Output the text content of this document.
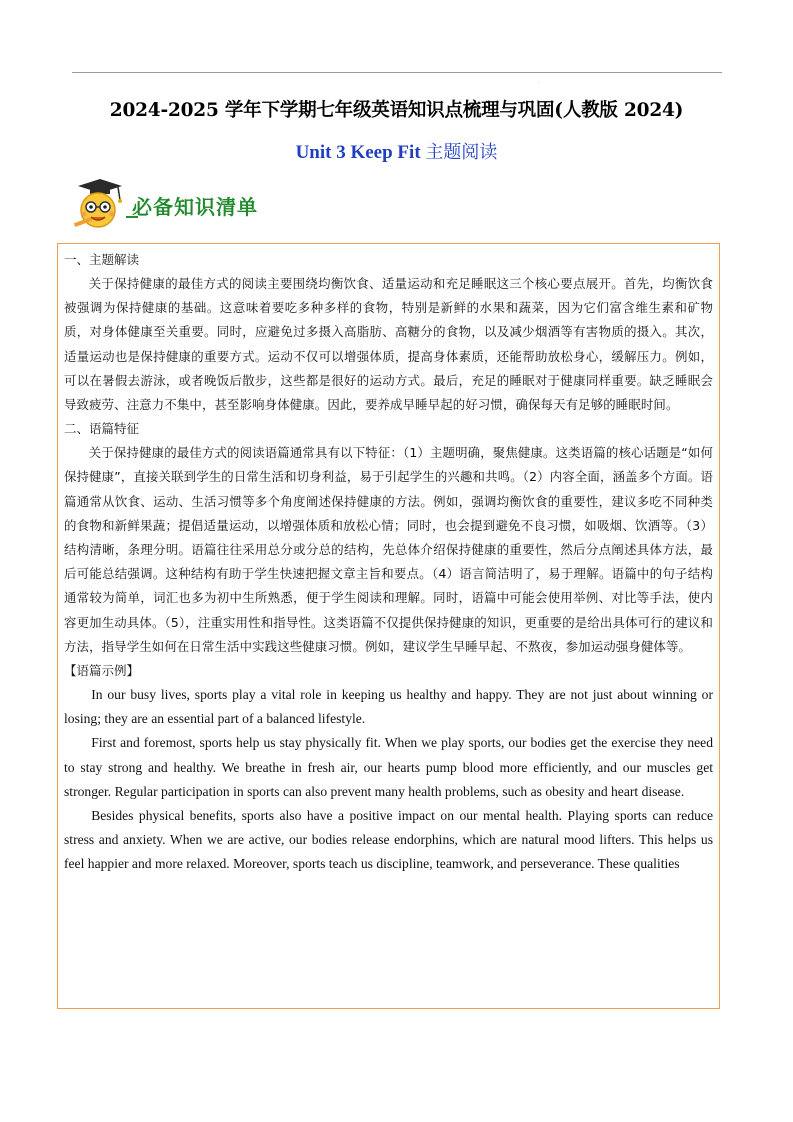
·
2024-2025 学年下学期七年级英语知识点梳理与巩固(人教版 2024)
Unit 3 Keep Fit 主题阅读
必备知识清单

一、主题解读

关于保持健康的最佳方式的阅读主要围绕均衡饮食、适量运动和充足睡眠这三个核心要点展开。首先，均衡饮食被强调为保持健康的基础。这意味着要吃多种多样的食物，特别是新鲜的水果和蔬菜，因为它们富含维生素和矿物质，对身体健康至关重要。同时，应避免过多摄入高脂肪、高糖分的食物，以及减少烟酒等有害物质的摄入。其次，适量运动也是保持健康的重要方式。运动不仅可以增强体质，提高身体素质，还能帮助放松身心，缓解压力。例如，可以在暑假去游泳，或者晚饭后散步，这些都是很好的运动方式。最后，充足的睡眠对于健康同样重要。缺乏睡眠会导致疲劳、注意力不集中，甚至影响身体健康。因此，要养成早睡早起的好习惯，确保每天有足够的睡眠时间。

二、语篇特征

关于保持健康的最佳方式的阅读语篇通常具有以下特征：（1）主题明确，聚焦健康。这类语篇的核心话题是“如何保持健康”，直接关联到学生的日常生活和切身利益，易于引起学生的兴趣和共鸣。（2）内容全面，涵盖多个方面。语篇通常从饮食、运动、生活习惯等多个角度阐述保持健康的方法。例如，强调均衡饮食的重要性，建议多吃不同种类的食物和新鲜果蔬；提倡适量运动，以增强体质和放松心情；同时，也会提到避免不良习惯，如吸烟、饮酒等。（3）结构清晰，条理分明。语篇往往采用总分或分总的结构，先总体介绍保持健康的重要性，然后分点阐述具体方法，最后可能总结强调。这种结构有助于学生快速把握文章主旨和要点。（4）语言简洁明了，易于理解。语篇中的句子结构通常较为简单，词汇也多为初中生所熟悉，便于学生阅读和理解。同时，语篇中可能会使用举例、对比等手法，使内容更加生动具体。（5），注重实用性和指导性。这类语篇不仅提供保持健康的知识，更重要的是给出具体可行的建议和方法，指导学生如何在日常生活中实践这些健康习惯。例如，建议学生早睡早起、不熬夜，参加运动强身健体等。

【语篇示例】

In our busy lives, sports play a vital role in keeping us healthy and happy. They are not just about winning or losing; they are an essential part of a balanced lifestyle.

First and foremost, sports help us stay physically fit. When we play sports, our bodies get the exercise they need to stay strong and healthy. We breathe in fresh air, our hearts pump blood more efficiently, and our muscles get stronger. Regular participation in sports can also prevent many health problems, such as obesity and heart disease.

Besides physical benefits, sports also have a positive impact on our mental health. Playing sports can reduce stress and anxiety. When we are active, our bodies release endorphins, which are natural mood lifters. This helps us feel happier and more relaxed. Moreover, sports teach us discipline, teamwork, and perseverance. These qualities
